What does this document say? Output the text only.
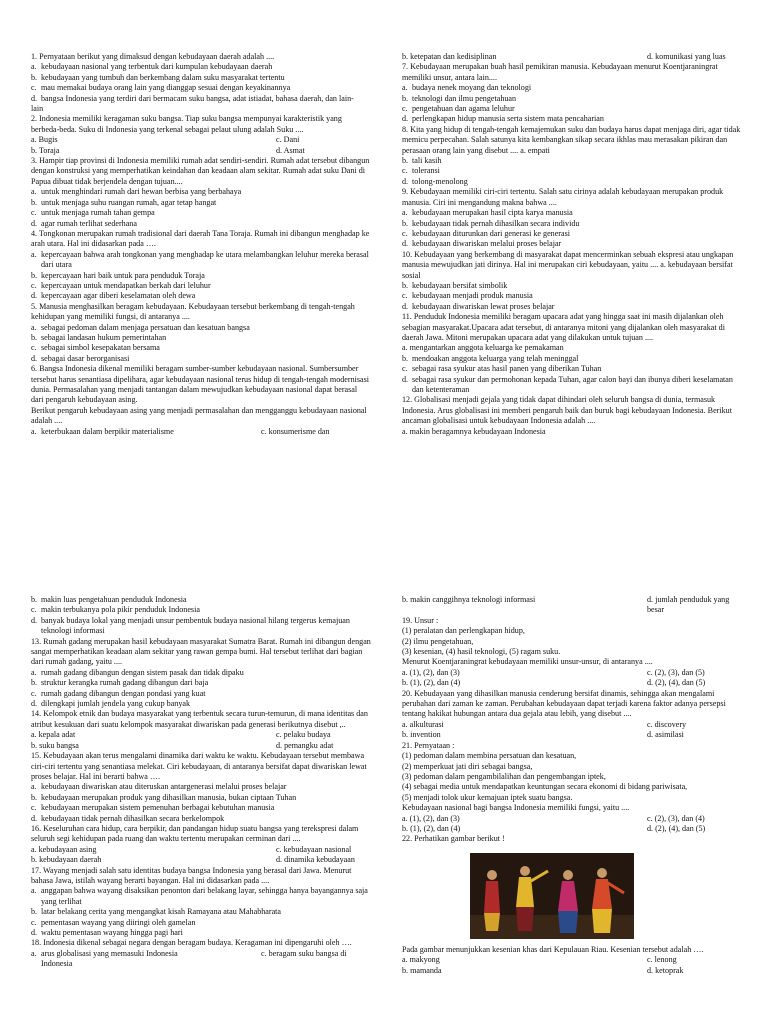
1. Pernyataan berikut yang dimaksud dengan kebudayaan daerah adalah ....

a. kebudayaan nasional yang terbentuk dari kumpulan kebudayaan daerah
b. kebudayaan yang tumbuh dan berkembang dalam suku masyarakat tertentu
c. mau memakai budaya orang lain yang dianggap sesuai dengan keyakinannya
d. bangsa Indonesia yang terdiri dari bermacam suku bangsa, adat istiadat, bahasa daerah, dan lain-

lain

2. Indonesia memiliki keragaman suku bangsa. Tiap suku bangsa mempunyai karakteristik yang berbeda-beda. Suku di Indonesia yang terkenal sebagai pelaut ulung adalah Suku ....

a. Bugis	c. Dani
b. Toraja	d. Asmat

3. Hampir tiap provinsi di Indonesia memiliki rumah adat sendiri-sendiri. Rumah adat tersebut dibangun dengan konstruksi yang memperhatikan keindahan dan keadaan alam sekitar. Rumah adat suku Dani di Papua dibuat tidak berjendela dengan tujuan....

a. untuk menghindari rumah dari hewan berbisa yang berbahaya
b. untuk menjaga suhu ruangan rumah, agar tetap hangat
c. untuk menjaga rumah tahan gempa
d. agar rumah terlihat sederhana

4. Tongkonan merupakan rumah tradisional dari daerah Tana Toraja. Rumah ini dibangun menghadap ke arah utara. Hal ini didasarkan pada ….

a. kepercayaan bahwa arah tongkonan yang menghadap ke utara melambangkan leluhur mereka berasal dari utara
b. kepercayaan hari baik untuk para penduduk Toraja
c. kepercayaan untuk mendapatkan berkah dari leluhur
d. kepercayaan agar diberi keselamatan oleh dewa

5. Manusia menghasilkan beragam kebudayaan. Kebudayaan tersebut berkembang di tengah-tengah kehidupan yang memiliki fungsi, di antaranya ....

a. sebagai pedoman dalam menjaga persatuan dan kesatuan bangsa
b. sebagai landasan hukum pemerintahan
c. sebagai simbol kesepakatan bersama
d. sebagai dasar berorganisasi

6. Bangsa Indonesia dikenal memiliki beragam sumber-sumber kebudayaan nasional. Sumbersumber tersebut harus senantiasa dipelihara, agar kebudayaan nasional terus hidup di tengah-tengah modernisasi dunia. Permasalahan yang menjadi tantangan dalam mewujudkan kebudayaan nasional dapat berasal dari pengaruh kebudayaan asing.

Berikut pengaruh kebudayaan asing yang menjadi permasalahan dan mengganggu kebudayaan nasional adalah ....

a. keterbukaan dalam berpikir materialisme	c. konsumerisme dan
b. ketepatan dan kedisiplinan	d. komunikasi yang luas

7. Kebudayaan merupakan buah hasil pemikiran manusia. Kebudayaan menurut Koentjaraningrat memiliki unsur, antara lain....

a. budaya nenek moyang dan teknologi
b. teknologi dan ilmu pengetahuan
c. pengetahuan dan agama leluhur
d. perlengkapan hidup manusia serta sistem mata pencaharian

8. Kita yang hidup di tengah-tengah kemajemukan suku dan budaya harus dapat menjaga diri, agar tidak memicu perpecahan. Salah satunya kita kembangkan sikap secara ikhlas mau merasakan pikiran dan perasaan orang lain yang disebut .... a. empati

b. tali kasih
c. toleransi
d. tolong-menolong

9. Kebudayaan memiliki ciri-ciri tertentu. Salah satu cirinya adalah kebudayaan merupakan produk manusia. Ciri ini mengandung makna bahwa ....

a. kebudayaan merupakan hasil cipta karya manusia
b. kebudayaan tidak pernah dihasilkan secara individu
c. kebudayaan diturunkan dari generasi ke generasi
d. kebudayaan diwariskan melalui proses belajar

10. Kebudayaan yang berkembang di masyarakat dapat mencerminkan sebuah ekspresi atau ungkapan manusia mewujudkan jati dirinya. Hal ini merupakan ciri kebudayaan, yaitu .... a. kebudayaan bersifat sosial

b. kebudayaan bersifat simbolik
c. kebudayaan menjadi produk manusia
d. kebudayaan diwariskan lewat proses belajar

11. Penduduk Indonesia memiliki beragam upacara adat yang hingga saat ini masih dijalankan oleh sebagian masyarakat.Upacara adat tersebut, di antaranya mitoni yang dijalankan oleh masyarakat di daerah Jawa. Mitoni merupakan upacara adat yang dilakukan untuk tujuan ....

a. mengantarkan anggota keluarga ke pemakaman

b. mendoakan anggota keluarga yang telah meninggal
c. sebagai rasa syukur atas hasil panen yang diberikan Tuhan
d. sebagai rasa syukur dan permohonan kepada Tuhan, agar calon bayi dan ibunya diberi keselamatan dan ketenteraman

12. Globalisasi menjadi gejala yang tidak dapat dihindari oleh seluruh bangsa di dunia, termasuk Indonesia. Arus globalisasi ini memberi pengaruh baik dan buruk bagi kebudayaan Indonesia. Berikut ancaman globalisasi untuk kebudayaan Indonesia adalah ....

a. makin beragamnya kebudayaan Indonesia

b. makin luas pengetahuan penduduk Indonesia
c. makin terbukanya pola pikir penduduk Indonesia
d. banyak budaya lokal yang menjadi unsur pembentuk budaya nasional hilang tergerus kemajuan teknologi informasi

13. Rumah gadang merupakan hasil kebudayaan masyarakat Sumatra Barat. Rumah ini dibangun dengan sangat memperhatikan keadaan alam sekitar yang rawan gempa bumi. Hal tersebut terlihat dari bagian dari rumah gadang, yaitu ....

a. rumah gadang dibangun dengan sistem pasak dan tidak dipaku
b. struktur kerangka rumah gadang dibangun dari baja
c. rumah gadang dibangun dengan pondasi yang kuat
d. dilengkapi jumlah jendela yang cukup banyak

14. Kelompok etnik dan budaya masyarakat yang terbentuk secara turun-temurun, di mana identitas dan atribut kesukuan dari suatu kelompok masyarakat diwariskan pada generasi berikutnya disebut ,..

a. kepala adat	c. pelaku budaya
b. suku bangsa	d. pemangku adat

15. Kebudayaan akan terus mengalami dinamika dari waktu ke waktu. Kebudayaan tersebut membawa ciri-ciri tertentu yang senantiasa melekat. Ciri kebudayaan, di antaranya bersifat dapat diwariskan lewat proses belajar. Hal ini berarti bahwa ….

a. kebudayaan diwariskan atau diteruskan antargenerasi melalui proses belajar
b. kebudayaan merupakan produk yang dihasilkan manusia, bukan ciptaan Tuhan
c. kebudayaan merupakan sistem pemenuhan berbagai kebutuhan manusia
d. kebudayaan tidak pernah dihasilkan secara berkelompok

16. Keseluruhan cara hidup, cara berpikir, dan pandangan hidup suatu bangsa yang terekspresi dalam seluruh segi kehidupan pada ruang dan waktu tertentu merupakan cerminan dari ....

a. kebudayaan asing	c. kebudayaan nasional
b. kebudayaan daerah	d. dinamika kebudayaan

17. Wayang menjadi salah satu identitas budaya bangsa Indonesia yang berasal dari Jawa. Menurut bahasa Jawa, istilah wayang berarti bayangan. Hal ini didasarkan pada ....

a. anggapan bahwa wayang disaksikan penonton dari belakang layar, sehingga hanya bayangannya saja yang terlihat
b. latar belakang cerita yang mengangkat kisah Ramayana atau Mahabharata
c. pementasan wayang yang diiringi oleh gamelan
d. waktu pementasan wayang hingga pagi hari

18. Indonesia dikenal sebagai negara dengan beragam budaya. Keragaman ini dipengaruhi oleh ….

a. arus globalisasi yang memasuki Indonesia	c. beragam suku bangsa di
Indonesia
b. makin canggihnya teknologi informasi	d. jumlah penduduk yang besar

19. Unsur :

(1) peralatan dan perlengkapan hidup,

(2) ilmu pengetahuan,

(3) kesenian, (4) hasil teknologi, (5) ragam suku.

Menurut Koentjaraningrat kebudayaan memiliki unsur-unsur, di antaranya ....

a. (1), (2), dan (3)	c. (2), (3), dan (5)
b. (1), (2), dan (4)	d. (2), (4), dan (5)

20. Kebudayaan yang dihasilkan manusia cenderung bersifat dinamis, sehingga akan mengalami perubahan dari zaman ke zaman. Perubahan kebudayaan dapat terjadi karena faktor adanya persepsi tentang hakikat hubungan antara dua gejala atau lebih, yang disebut ....

a. alkulturasi	c. discovery
b. invention	d. asimilasi

21. Pernyataan :

(1) pedoman dalam membina persatuan dan kesatuan,

(2) memperkuat jati diri sebagai bangsa,

(3) pedoman dalam pengambilalihan dan pengembangan iptek,

(4) sebagai media untuk mendapatkan keuntungan secara ekonomi di bidang pariwisata,

(5) menjadi tolok ukur kemajuan iptek suatu bangsa.

Kebudayaan nasional bagi bangsa Indonesia memiliki fungsi, yaitu ....

a. (1), (2), dan (3)	c. (2), (3), dan (4)
b. (1), (2), dan (4)	d. (2), (4), dan (5)

22. Perhatikan gambar berikut !

Pada gambar menunjukkan kesenian khas dari Kepulauan Riau. Kesenian tersebut adalah ….

a. makyong	c. lenong
b. mamanda	d. ketoprak
